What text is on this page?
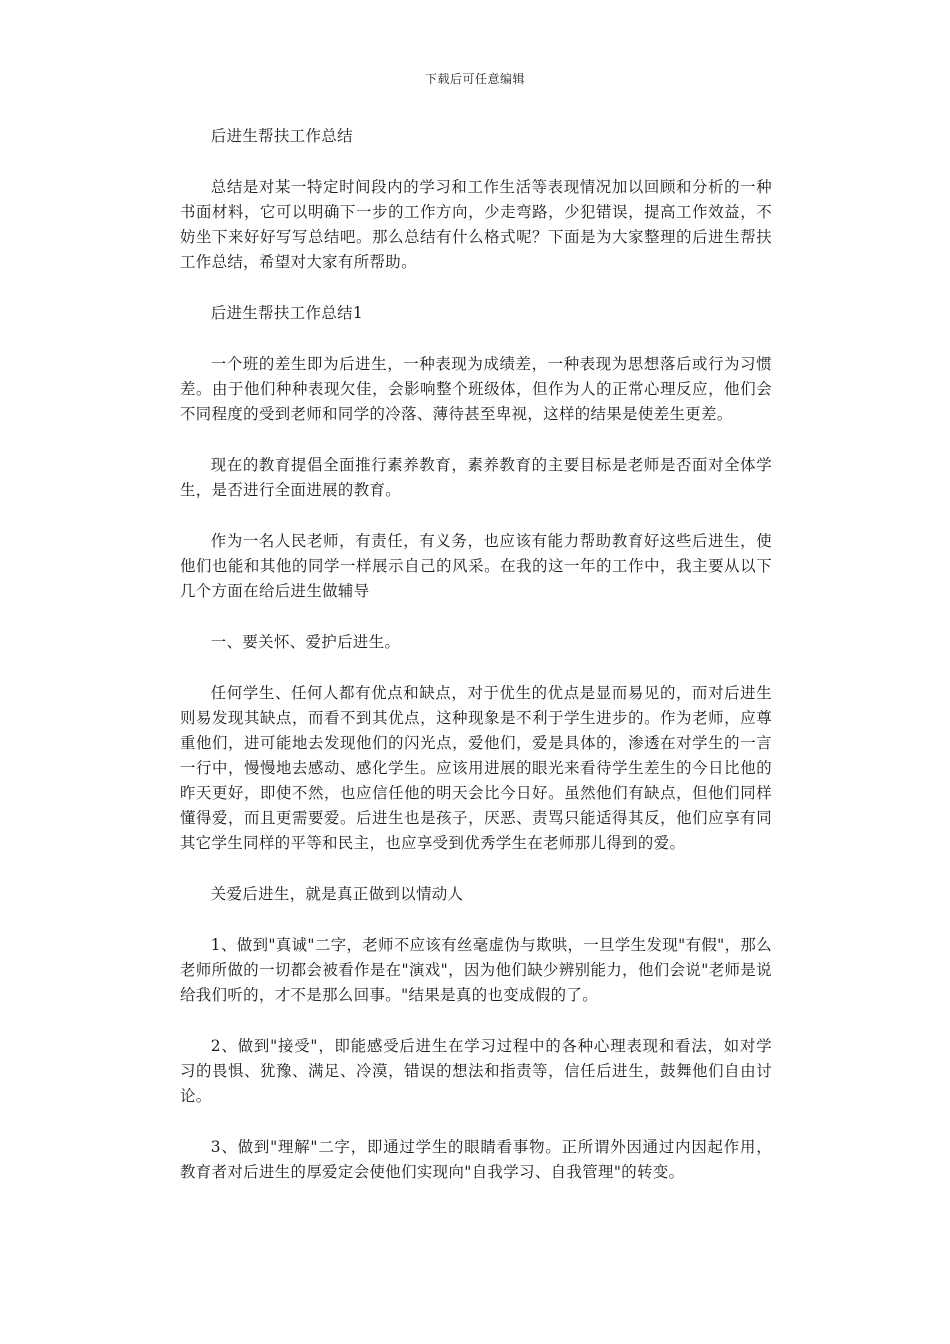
下载后可任意编辑

后进生帮扶工作总结

总结是对某一特定时间段内的学习和工作生活等表现情况加以回顾和分析的一种书面材料，它可以明确下一步的工作方向，少走弯路，少犯错误，提高工作效益，不妨坐下来好好写写总结吧。那么总结有什么格式呢？下面是为大家整理的后进生帮扶工作总结，希望对大家有所帮助。

后进生帮扶工作总结1

一个班的差生即为后进生，一种表现为成绩差，一种表现为思想落后或行为习惯差。由于他们种种表现欠佳，会影响整个班级体，但作为人的正常心理反应，他们会不同程度的受到老师和同学的冷落、薄待甚至卑视，这样的结果是使差生更差。

现在的教育提倡全面推行素养教育，素养教育的主要目标是老师是否面对全体学生，是否进行全面进展的教育。

作为一名人民老师，有责任，有义务，也应该有能力帮助教育好这些后进生，使他们也能和其他的同学一样展示自己的风采。在我的这一年的工作中，我主要从以下几个方面在给后进生做辅导

一、要关怀、爱护后进生。

任何学生、任何人都有优点和缺点，对于优生的优点是显而易见的，而对后进生则易发现其缺点，而看不到其优点，这种现象是不利于学生进步的。作为老师，应尊重他们，进可能地去发现他们的闪光点，爱他们，爱是具体的，渗透在对学生的一言一行中，慢慢地去感动、感化学生。应该用进展的眼光来看待学生差生的今日比他的昨天更好，即使不然，也应信任他的明天会比今日好。虽然他们有缺点，但他们同样懂得爱，而且更需要爱。后进生也是孩子，厌恶、责骂只能适得其反，他们应享有同其它学生同样的平等和民主，也应享受到优秀学生在老师那儿得到的爱。

关爱后进生，就是真正做到以情动人

1、做到"真诚"二字，老师不应该有丝毫虚伪与欺哄，一旦学生发现"有假"，那么老师所做的一切都会被看作是在"演戏"，因为他们缺少辨别能力，他们会说"老师是说给我们听的，才不是那么回事。"结果是真的也变成假的了。

2、做到"接受"，即能感受后进生在学习过程中的各种心理表现和看法，如对学习的畏惧、犹豫、满足、冷漠，错误的想法和指责等，信任后进生，鼓舞他们自由讨论。

3、做到"理解"二字，即通过学生的眼睛看事物。正所谓外因通过内因起作用，教育者对后进生的厚爱定会使他们实现向"自我学习、自我管理"的转变。
